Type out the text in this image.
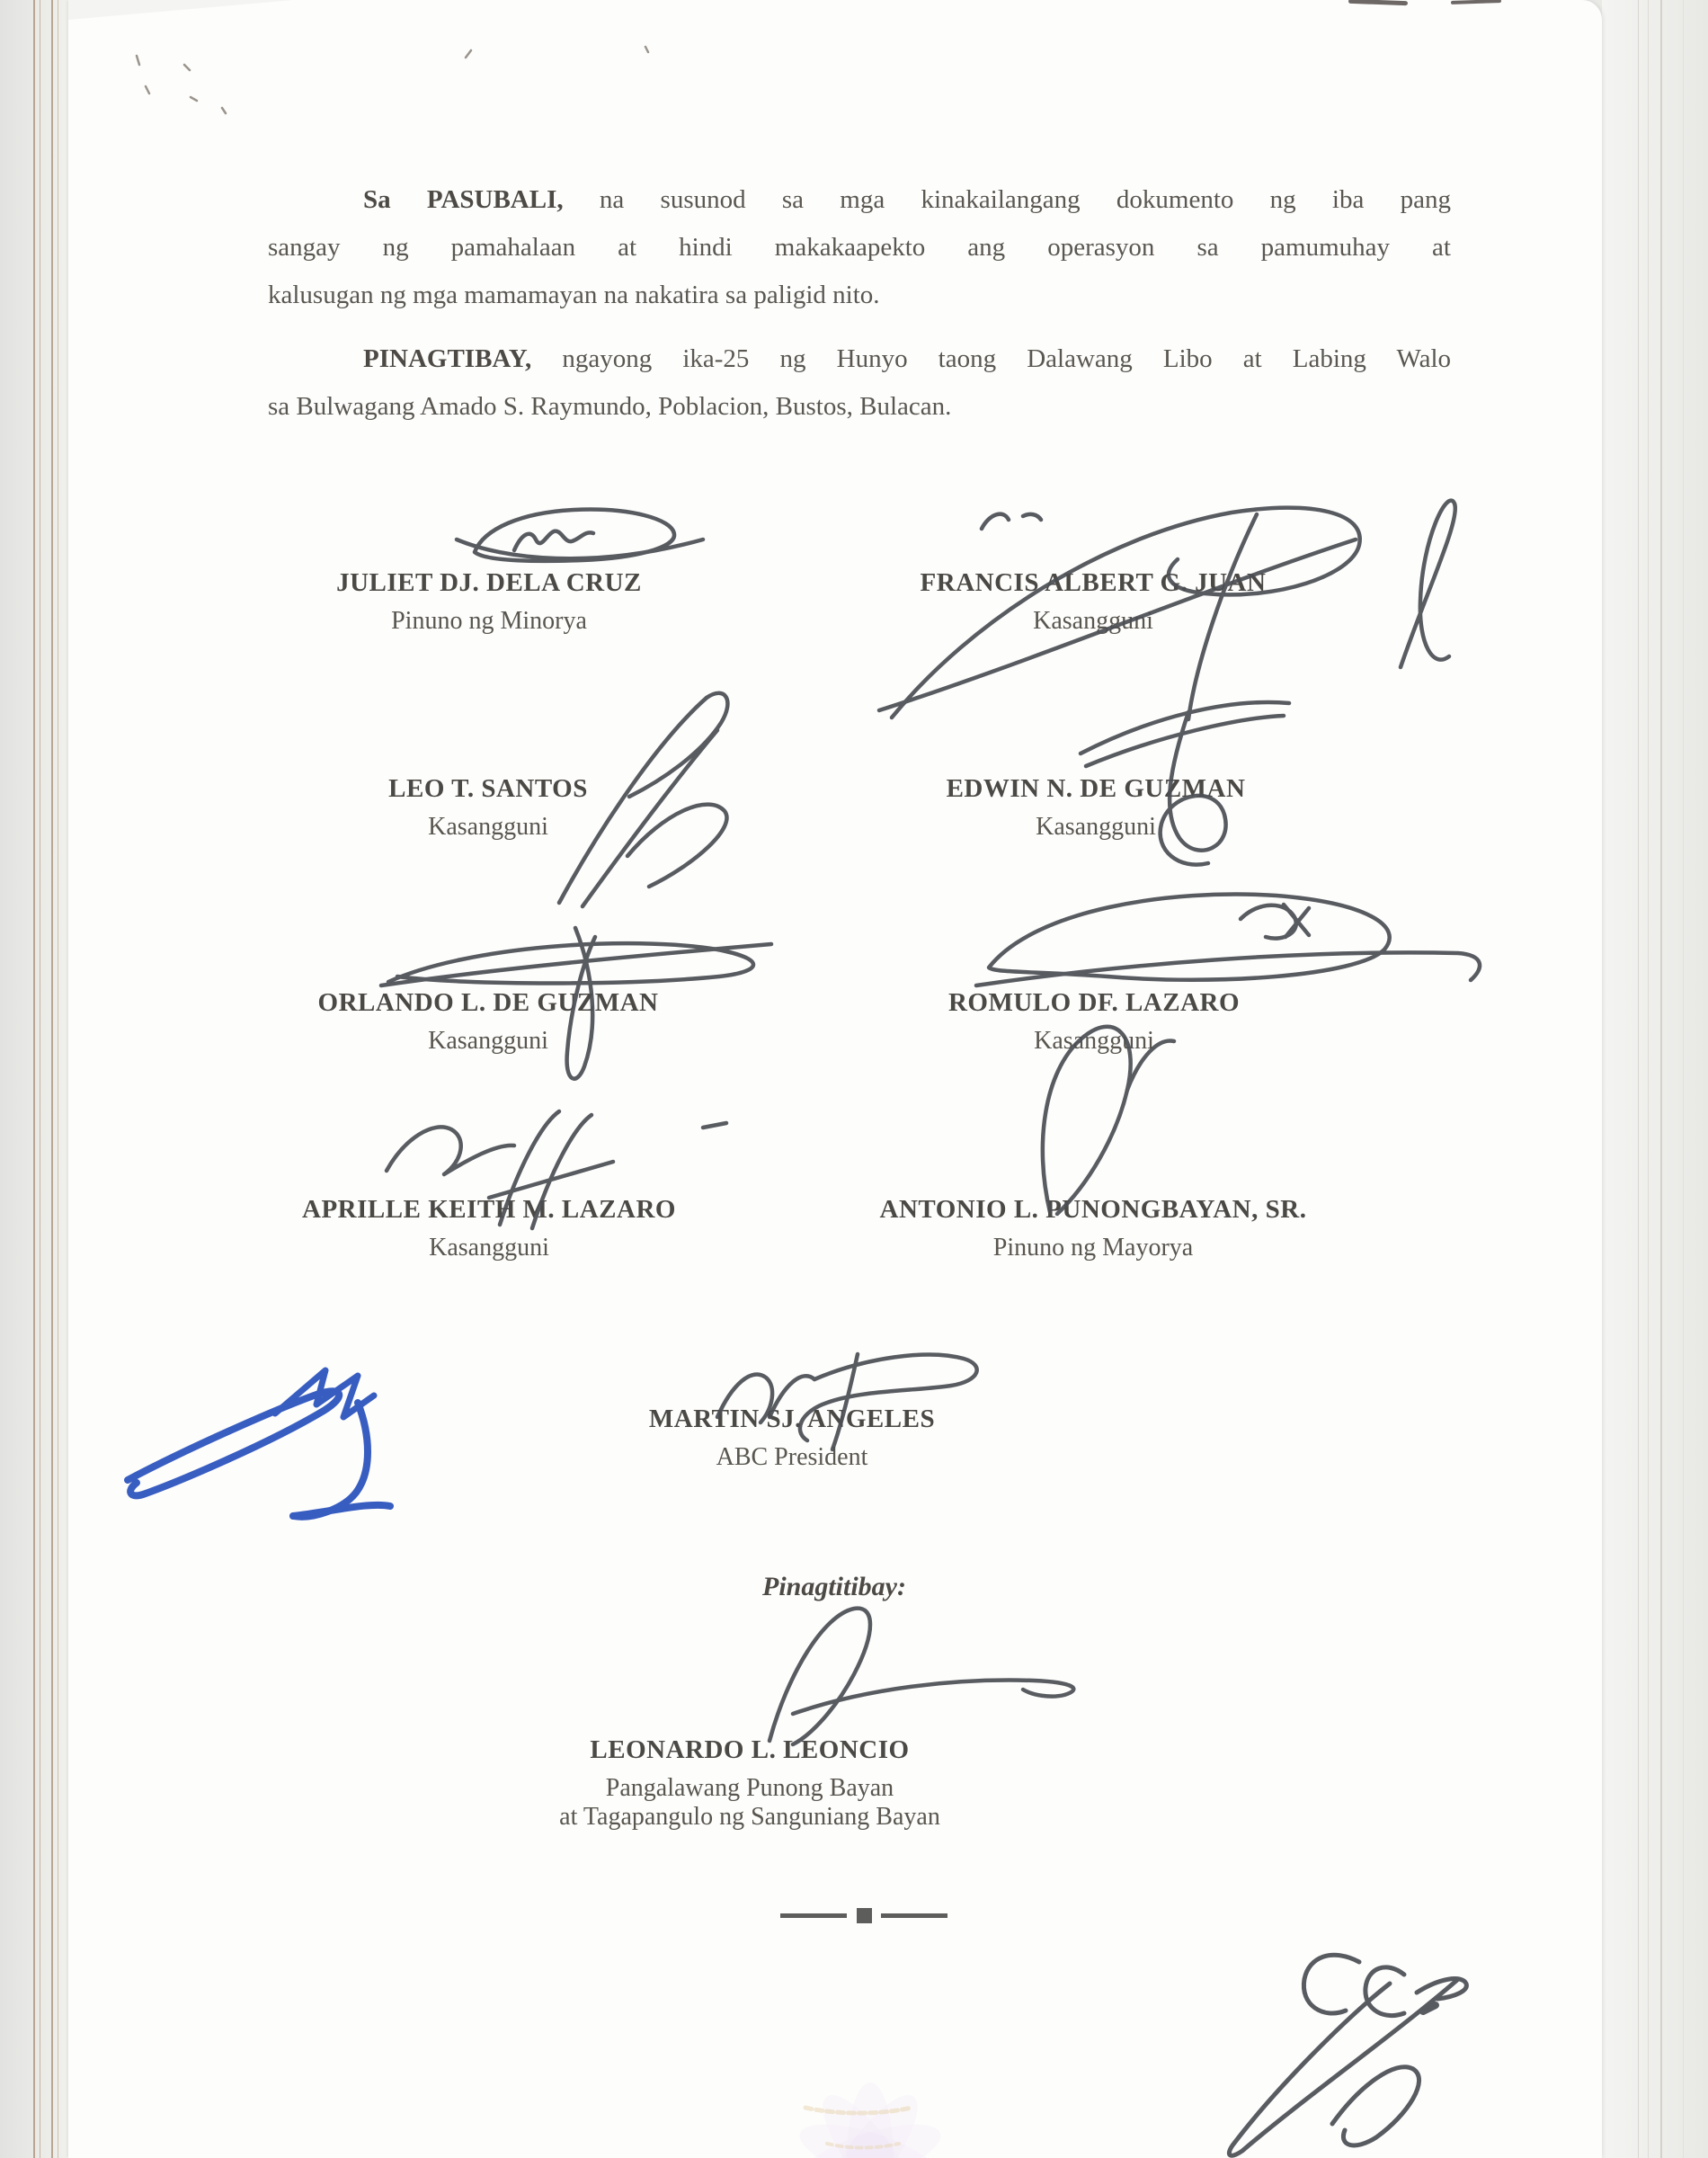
Sa PASUBALI, na susunod sa mga kinakailangang dokumento ng iba pang
sangay ng pamahalaan at hindi makakaapekto ang operasyon sa pamumuhay at
kalusugan ng mga mamamayan na nakatira sa paligid nito.
PINAGTIBAY, ngayong ika-25 ng Hunyo taong Dalawang Libo at Labing Walo
sa Bulwagang Amado S. Raymundo, Poblacion, Bustos, Bulacan.
JULIET DJ. DELA CRUZ
Pinuno ng Minorya
FRANCIS ALBERT G. JUAN
Kasangguni
LEO T. SANTOS
Kasangguni
EDWIN N. DE GUZMAN
Kasangguni
ORLANDO L. DE GUZMAN
Kasangguni
ROMULO DF. LAZARO
Kasangguni
APRILLE KEITH M. LAZARO
Kasangguni
ANTONIO L. PUNONGBAYAN, SR.
Pinuno ng Mayorya
MARTIN SJ. ANGELES
ABC President
Pinagtitibay:
LEONARDO L. LEONCIO
Pangalawang Punong Bayan
at Tagapangulo ng Sanguniang Bayan
